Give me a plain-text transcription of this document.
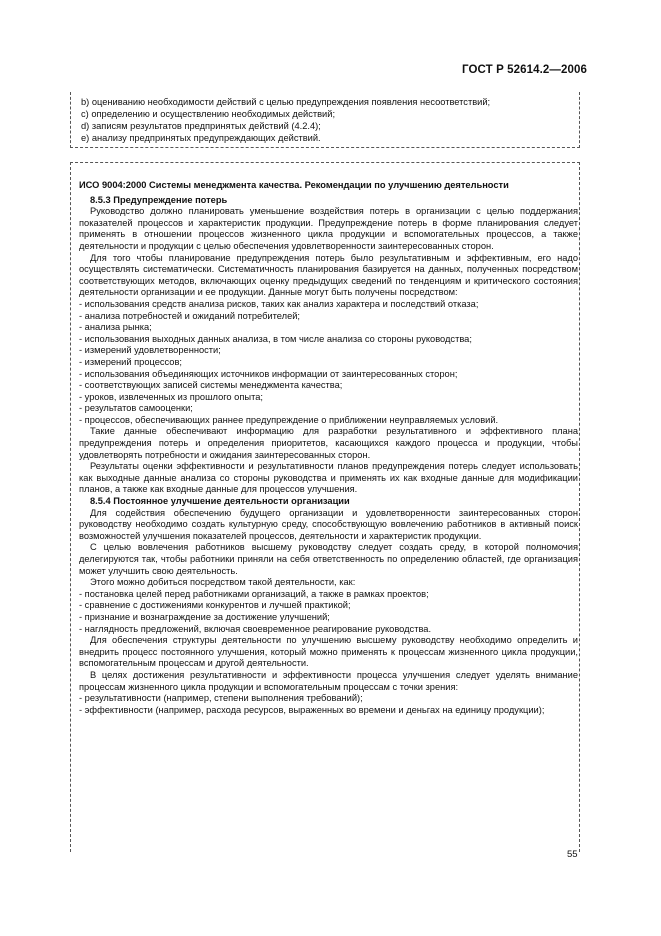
ГОСТ Р 52614.2—2006
b) оцениванию необходимости действий с целью предупреждения появления несоответствий;
c) определению и осуществлению необходимых действий;
d) записям результатов предпринятых действий (4.2.4);
e) анализу предпринятых предупреждающих действий.
ИСО 9004:2000 Системы менеджмента качества. Рекомендации по улучшению деятельности
8.5.3 Предупреждение потерь
Руководство должно планировать уменьшение воздействия потерь в организации с целью поддержания показателей процессов и характеристик продукции. Предупреждение потерь в форме планирования следует применять в отношении процессов жизненного цикла продукции и вспомогательных процессов, а также деятельности и продукции с целью обеспечения удовлетворенности заинтересованных сторон.
Для того чтобы планирование предупреждения потерь было результативным и эффективным, его надо осуществлять систематически. Систематичность планирования базируется на данных, полученных посредством соответствующих методов, включающих оценку предыдущих сведений по тенденциям и критического состояния деятельности организации и ее продукции. Данные могут быть получены посредством:
- использования средств анализа рисков, таких как анализ характера и последствий отказа;
- анализа потребностей и ожиданий потребителей;
- анализа рынка;
- использования выходных данных анализа, в том числе анализа со стороны руководства;
- измерений удовлетворенности;
- измерений процессов;
- использования объединяющих источников информации от заинтересованных сторон;
- соответствующих записей системы менеджмента качества;
- уроков, извлеченных из прошлого опыта;
- результатов самооценки;
- процессов, обеспечивающих раннее предупреждение о приближении неуправляемых условий.
Такие данные обеспечивают информацию для разработки результативного и эффективного плана предупреждения потерь и определения приоритетов, касающихся каждого процесса и продукции, чтобы удовлетворять потребности и ожидания заинтересованных сторон.
Результаты оценки эффективности и результативности планов предупреждения потерь следует использовать как выходные данные анализа со стороны руководства и применять их как входные данные для модификации планов, а также как входные данные для процессов улучшения.
8.5.4 Постоянное улучшение деятельности организации
Для содействия обеспечению будущего организации и удовлетворенности заинтересованных сторон руководству необходимо создать культурную среду, способствующую вовлечению работников в активный поиск возможностей улучшения показателей процессов, деятельности и характеристик продукции.
С целью вовлечения работников высшему руководству следует создать среду, в которой полномочия делегируются так, чтобы работники приняли на себя ответственность по определению областей, где организация может улучшить свою деятельность.
Этого можно добиться посредством такой деятельности, как:
- постановка целей перед работниками организаций, а также в рамках проектов;
- сравнение с достижениями конкурентов и лучшей практикой;
- признание и вознаграждение за достижение улучшений;
- наглядность предложений, включая своевременное реагирование руководства.
Для обеспечения структуры деятельности по улучшению высшему руководству необходимо определить и внедрить процесс постоянного улучшения, который можно применять к процессам жизненного цикла продукции, вспомогательным процессам и другой деятельности.
В целях достижения результативности и эффективности процесса улучшения следует уделять внимание процессам жизненного цикла продукции и вспомогательным процессам с точки зрения:
- результативности (например, степени выполнения требований);
- эффективности (например, расхода ресурсов, выраженных во времени и деньгах на единицу продукции);
55
